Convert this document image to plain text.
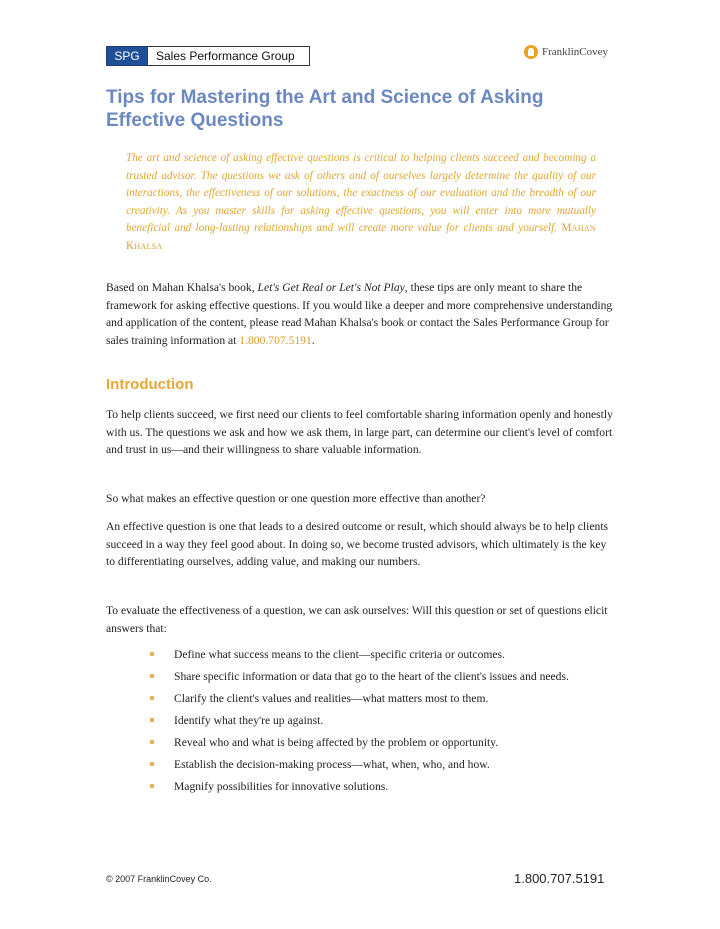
SPG	Sales Performance Group	FranklinCovey
Tips for Mastering the Art and Science of Asking Effective Questions
The art and science of asking effective questions is critical to helping clients succeed and becoming a trusted advisor. The questions we ask of others and of ourselves largely determine the quality of our interactions, the effectiveness of our solutions, the exactness of our evaluation and the breadth of our creativity. As you master skills for asking effective questions, you will enter into more mutually beneficial and long-lasting relationships and will create more value for clients and yourself. Mahan Khalsa
Based on Mahan Khalsa's book, Let's Get Real or Let's Not Play, these tips are only meant to share the framework for asking effective questions. If you would like a deeper and more comprehensive understanding and application of the content, please read Mahan Khalsa's book or contact the Sales Performance Group for sales training information at 1.800.707.5191.
Introduction
To help clients succeed, we first need our clients to feel comfortable sharing information openly and honestly with us. The questions we ask and how we ask them, in large part, can determine our client's level of comfort and trust in us—and their willingness to share valuable information.
So what makes an effective question or one question more effective than another?
An effective question is one that leads to a desired outcome or result, which should always be to help clients succeed in a way they feel good about. In doing so, we become trusted advisors, which ultimately is the key to differentiating ourselves, adding value, and making our numbers.
To evaluate the effectiveness of a question, we can ask ourselves: Will this question or set of questions elicit answers that:
Define what success means to the client—specific criteria or outcomes.
Share specific information or data that go to the heart of the client's issues and needs.
Clarify the client's values and realities—what matters most to them.
Identify what they're up against.
Reveal who and what is being affected by the problem or opportunity.
Establish the decision-making process—what, when, who, and how.
Magnify possibilities for innovative solutions.
© 2007 FranklinCovey Co.	1.800.707.5191
